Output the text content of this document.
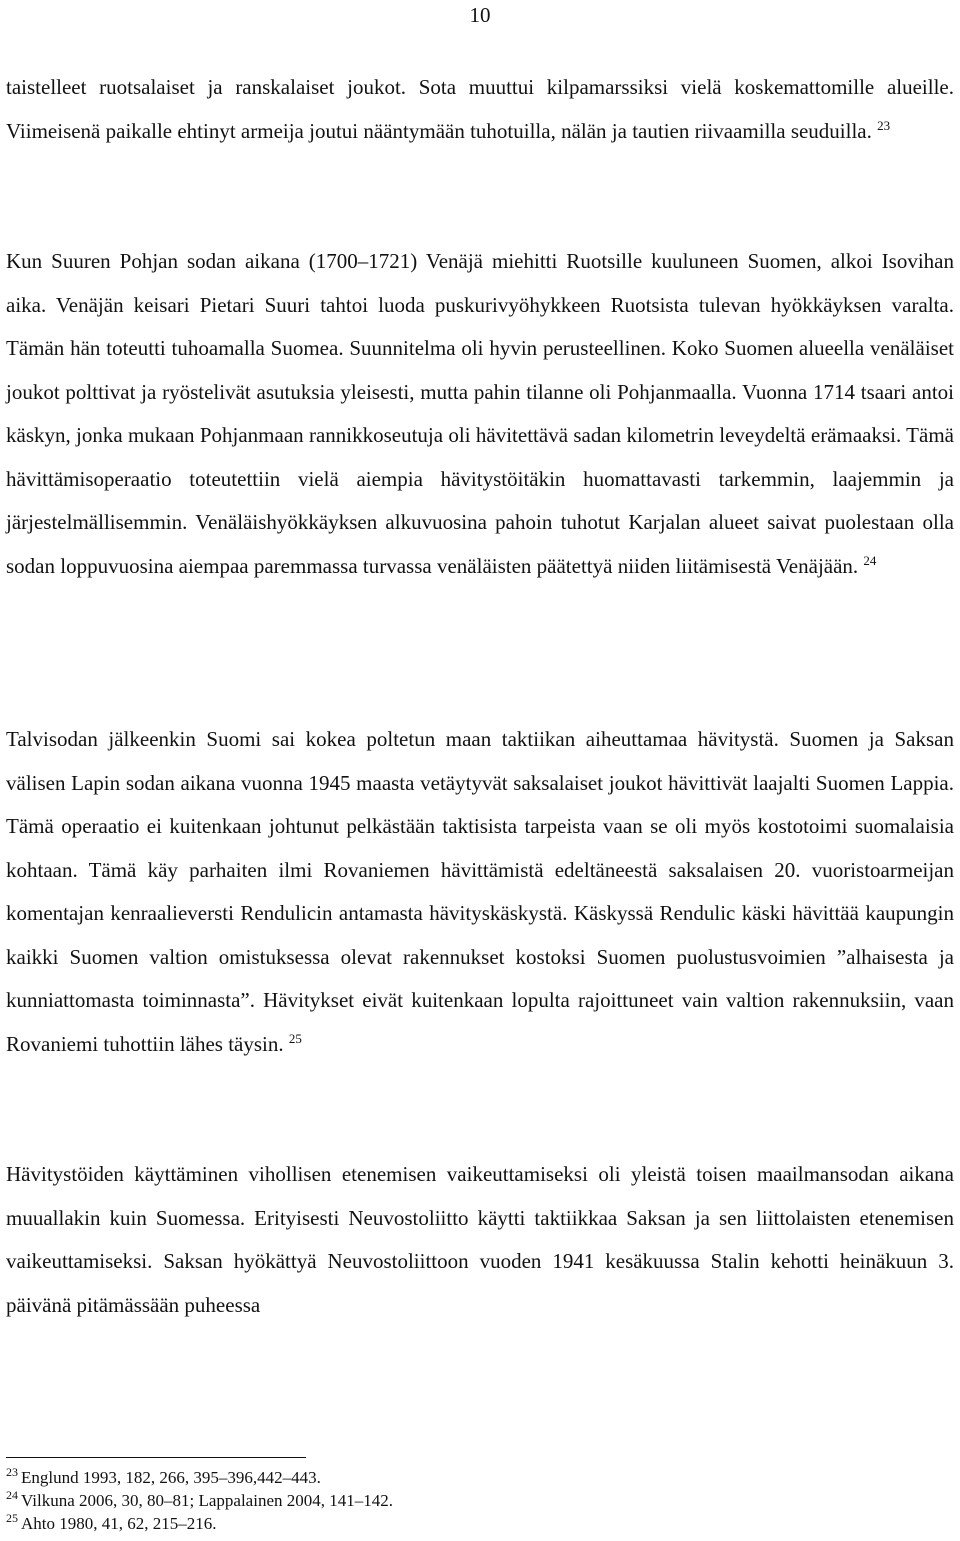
10

taistelleet ruotsalaiset ja ranskalaiset joukot. Sota muuttui kilpamarssiksi vielä koskemattomille alueille. Viimeisenä paikalle ehtinyt armeija joutui nääntymään tuhotuilla, nälän ja tautien riivaamilla seuduilla. $^{23}$

Kun Suuren Pohjan sodan aikana (1700–1721) Venäjä miehitti Ruotsille kuuluneen Suomen, alkoi Isovihan aika. Venäjän keisari Pietari Suuri tahtoi luoda puskurivyöhykkeen Ruotsista tulevan hyökkäyksen varalta. Tämän hän toteutti tuhoamalla Suomea. Suunnitelma oli hyvin perusteellinen. Koko Suomen alueella venäläiset joukot polttivat ja ryöstelivät asutuksia yleisesti, mutta pahin tilanne oli Pohjanmaalla. Vuonna 1714 tsaari antoi käskyn, jonka mukaan Pohjanmaan rannikkoseutuja oli hävitettävä sadan kilometrin leveydeltä erämaaksi. Tämä hävittämisoperaatio toteutettiin vielä aiempia hävitystöitäkin huomattavasti tarkemmin, laajemmin ja järjestelmällisemmin. Venäläishyökkäyksen alkuvuosina pahoin tuhotut Karjalan alueet saivat puolestaan olla sodan loppuvuosina aiempaa paremmassa turvassa venäläisten päätettyä niiden liitämisestä Venäjään. $^{24}$

Talvisodan jälkeenkin Suomi sai kokea poltetun maan taktiikan aiheuttamaa hävitystä. Suomen ja Saksan välisen Lapin sodan aikana vuonna 1945 maasta vetäytyvät saksalaiset joukot hävittivät laajalti Suomen Lappia. Tämä operaatio ei kuitenkaan johtunut pelkästään taktisista tarpeista vaan se oli myös kostotoimi suomalaisia kohtaan. Tämä käy parhaiten ilmi Rovaniemen hävittämistä edeltäneestä saksalaisen 20. vuoristoarmeijan komentajan kenraalieversti Rendulicin antamasta hävityskäskystä. Käskyssä Rendulic käski hävittää kaupungin kaikki Suomen valtion omistuksessa olevat rakennukset kostoksi Suomen puolustusvoimien ”alhaisesta ja kunniattomasta toiminnasta”. Hävitykset eivät kuitenkaan lopulta rajoittuneet vain valtion rakennuksiin, vaan Rovaniemi tuhottiin lähes täysin. $^{25}$

Hävitystöiden käyttäminen vihollisen etenemisen vaikeuttamiseksi oli yleistä toisen maailmansodan aikana muuallakin kuin Suomessa. Erityisesti Neuvostoliitto käytti taktiikkaa Saksan ja sen liittolaisten etenemisen vaikeuttamiseksi. Saksan hyökättyä Neuvostoliittoon vuoden 1941 kesäkuussa Stalin kehotti heinäkuun 3. päivänä pitämässään puheessa

$^{23}$ Englund 1993, 182, 266, 395–396,442–443.

$^{24}$ Vilkuna 2006, 30, 80–81; Lappalainen 2004, 141–142.

$^{25}$ Ahto 1980, 41, 62, 215–216.
